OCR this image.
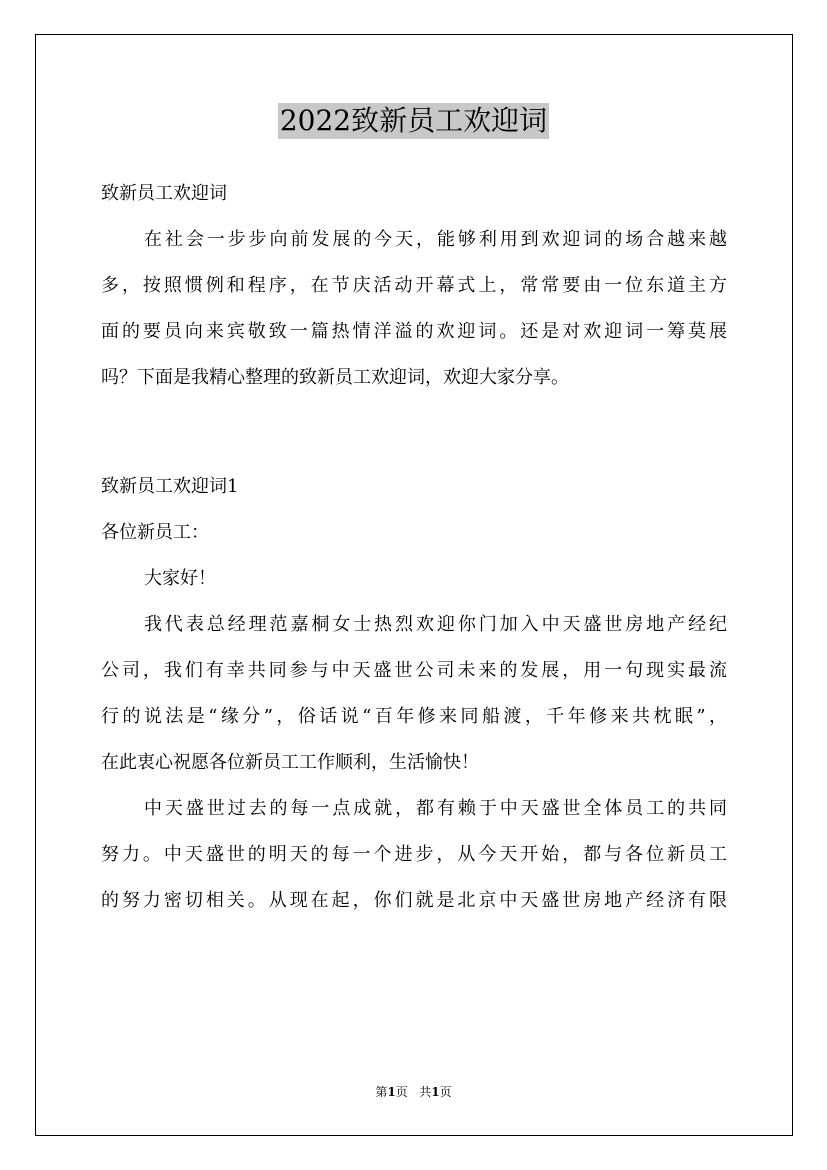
2022致新员工欢迎词
致新员工欢迎词
在社会一步步向前发展的今天，能够利用到欢迎词的场合越来越
多，按照惯例和程序，在节庆活动开幕式上，常常要由一位东道主方
面的要员向来宾敬致一篇热情洋溢的欢迎词。还是对欢迎词一筹莫展
吗？下面是我精心整理的致新员工欢迎词，欢迎大家分享。
致新员工欢迎词1
各位新员工：
大家好！
我代表总经理范嘉桐女士热烈欢迎你门加入中天盛世房地产经纪
公司，我们有幸共同参与中天盛世公司未来的发展，用一句现实最流
行的说法是“缘分”，俗话说“百年修来同船渡，千年修来共枕眠”，
在此衷心祝愿各位新员工工作顺利，生活愉快！
中天盛世过去的每一点成就，都有赖于中天盛世全体员工的共同
努力。中天盛世的明天的每一个进步，从今天开始，都与各位新员工
的努力密切相关。从现在起，你们就是北京中天盛世房地产经济有限
第1页 共1页
